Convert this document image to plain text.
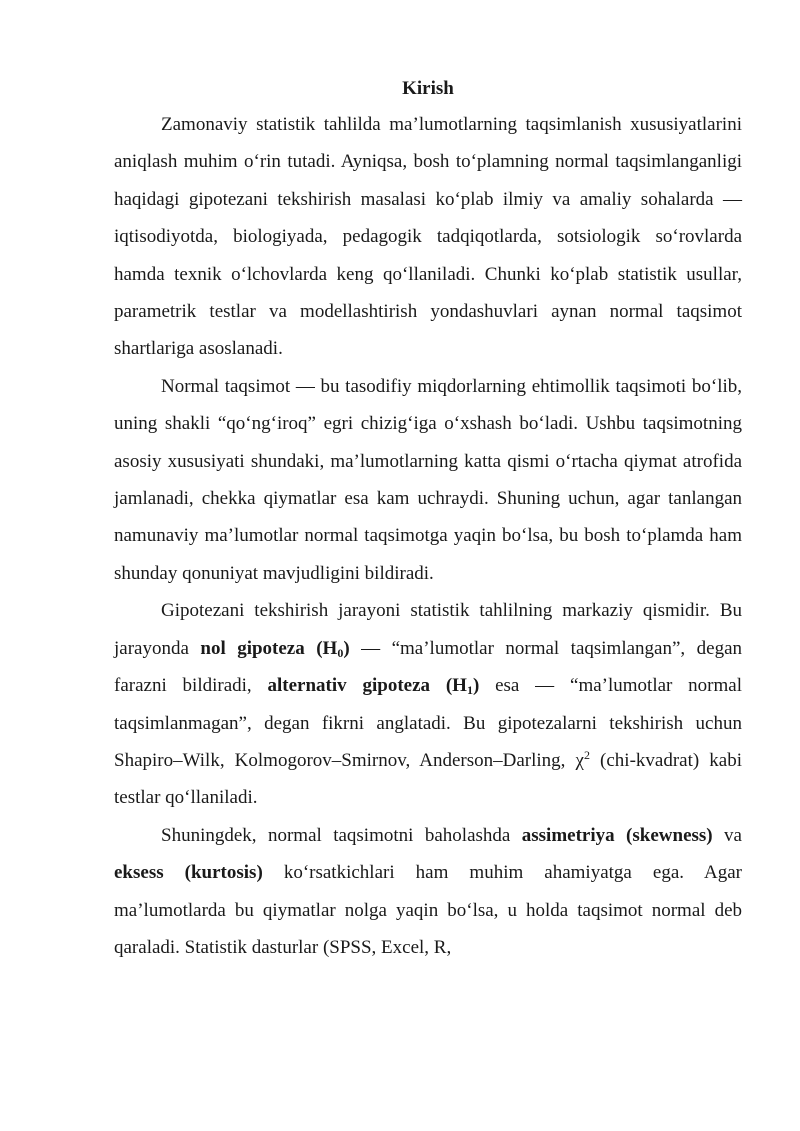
Kirish

Zamonaviy statistik tahlilda ma’lumotlarning taqsimlanish xususiyatlarini aniqlash muhim o‘rin tutadi. Ayniqsa, bosh to‘plamning normal taqsimlanganligi haqidagi gipotezani tekshirish masalasi ko‘plab ilmiy va amaliy sohalarda — iqtisodiyotda, biologiyada, pedagogik tadqiqotlarda, sotsiologik so‘rovlarda hamda texnik o‘lchovlarda keng qo‘llaniladi. Chunki ko‘plab statistik usullar, parametrik testlar va modellashtirish yondashuvlari aynan normal taqsimot shartlariga asoslanadi.

Normal taqsimot — bu tasodifiy miqdorlarning ehtimollik taqsimoti bo‘lib, uning shakli “qo‘ng‘iroq” egri chizig‘iga o‘xshash bo‘ladi. Ushbu taqsimotning asosiy xususiyati shundaki, ma’lumotlarning katta qismi o‘rtacha qiymat atrofida jamlanadi, chekka qiymatlar esa kam uchraydi. Shuning uchun, agar tanlangan namunaviy ma’lumotlar normal taqsimotga yaqin bo‘lsa, bu bosh to‘plamda ham shunday qonuniyat mavjudligini bildiradi.

Gipotezani tekshirish jarayoni statistik tahlilning markaziy qismidir. Bu jarayonda nol gipoteza $(H_0)$ — “ma’lumotlar normal taqsimlangan”, degan farazni bildiradi, alternativ gipoteza $(H_1)$ esa — “ma’lumotlar normal taqsimlanmagan”, degan fikrni anglatadi. Bu gipotezalarni tekshirish uchun Shapiro–Wilk, Kolmogorov–Smirnov, Anderson–Darling, $\chi^2$ (chi-kvadrat) kabi testlar qo‘llaniladi.

Shuningdek, normal taqsimotni baholashda assimetriya (skewness) va eksess (kurtosis) ko‘rsatkichlari ham muhim ahamiyatga ega. Agar ma’lumotlarda bu qiymatlar nolga yaqin bo‘lsa, u holda taqsimot normal deb qaraladi. Statistik dasturlar (SPSS, Excel, R,
